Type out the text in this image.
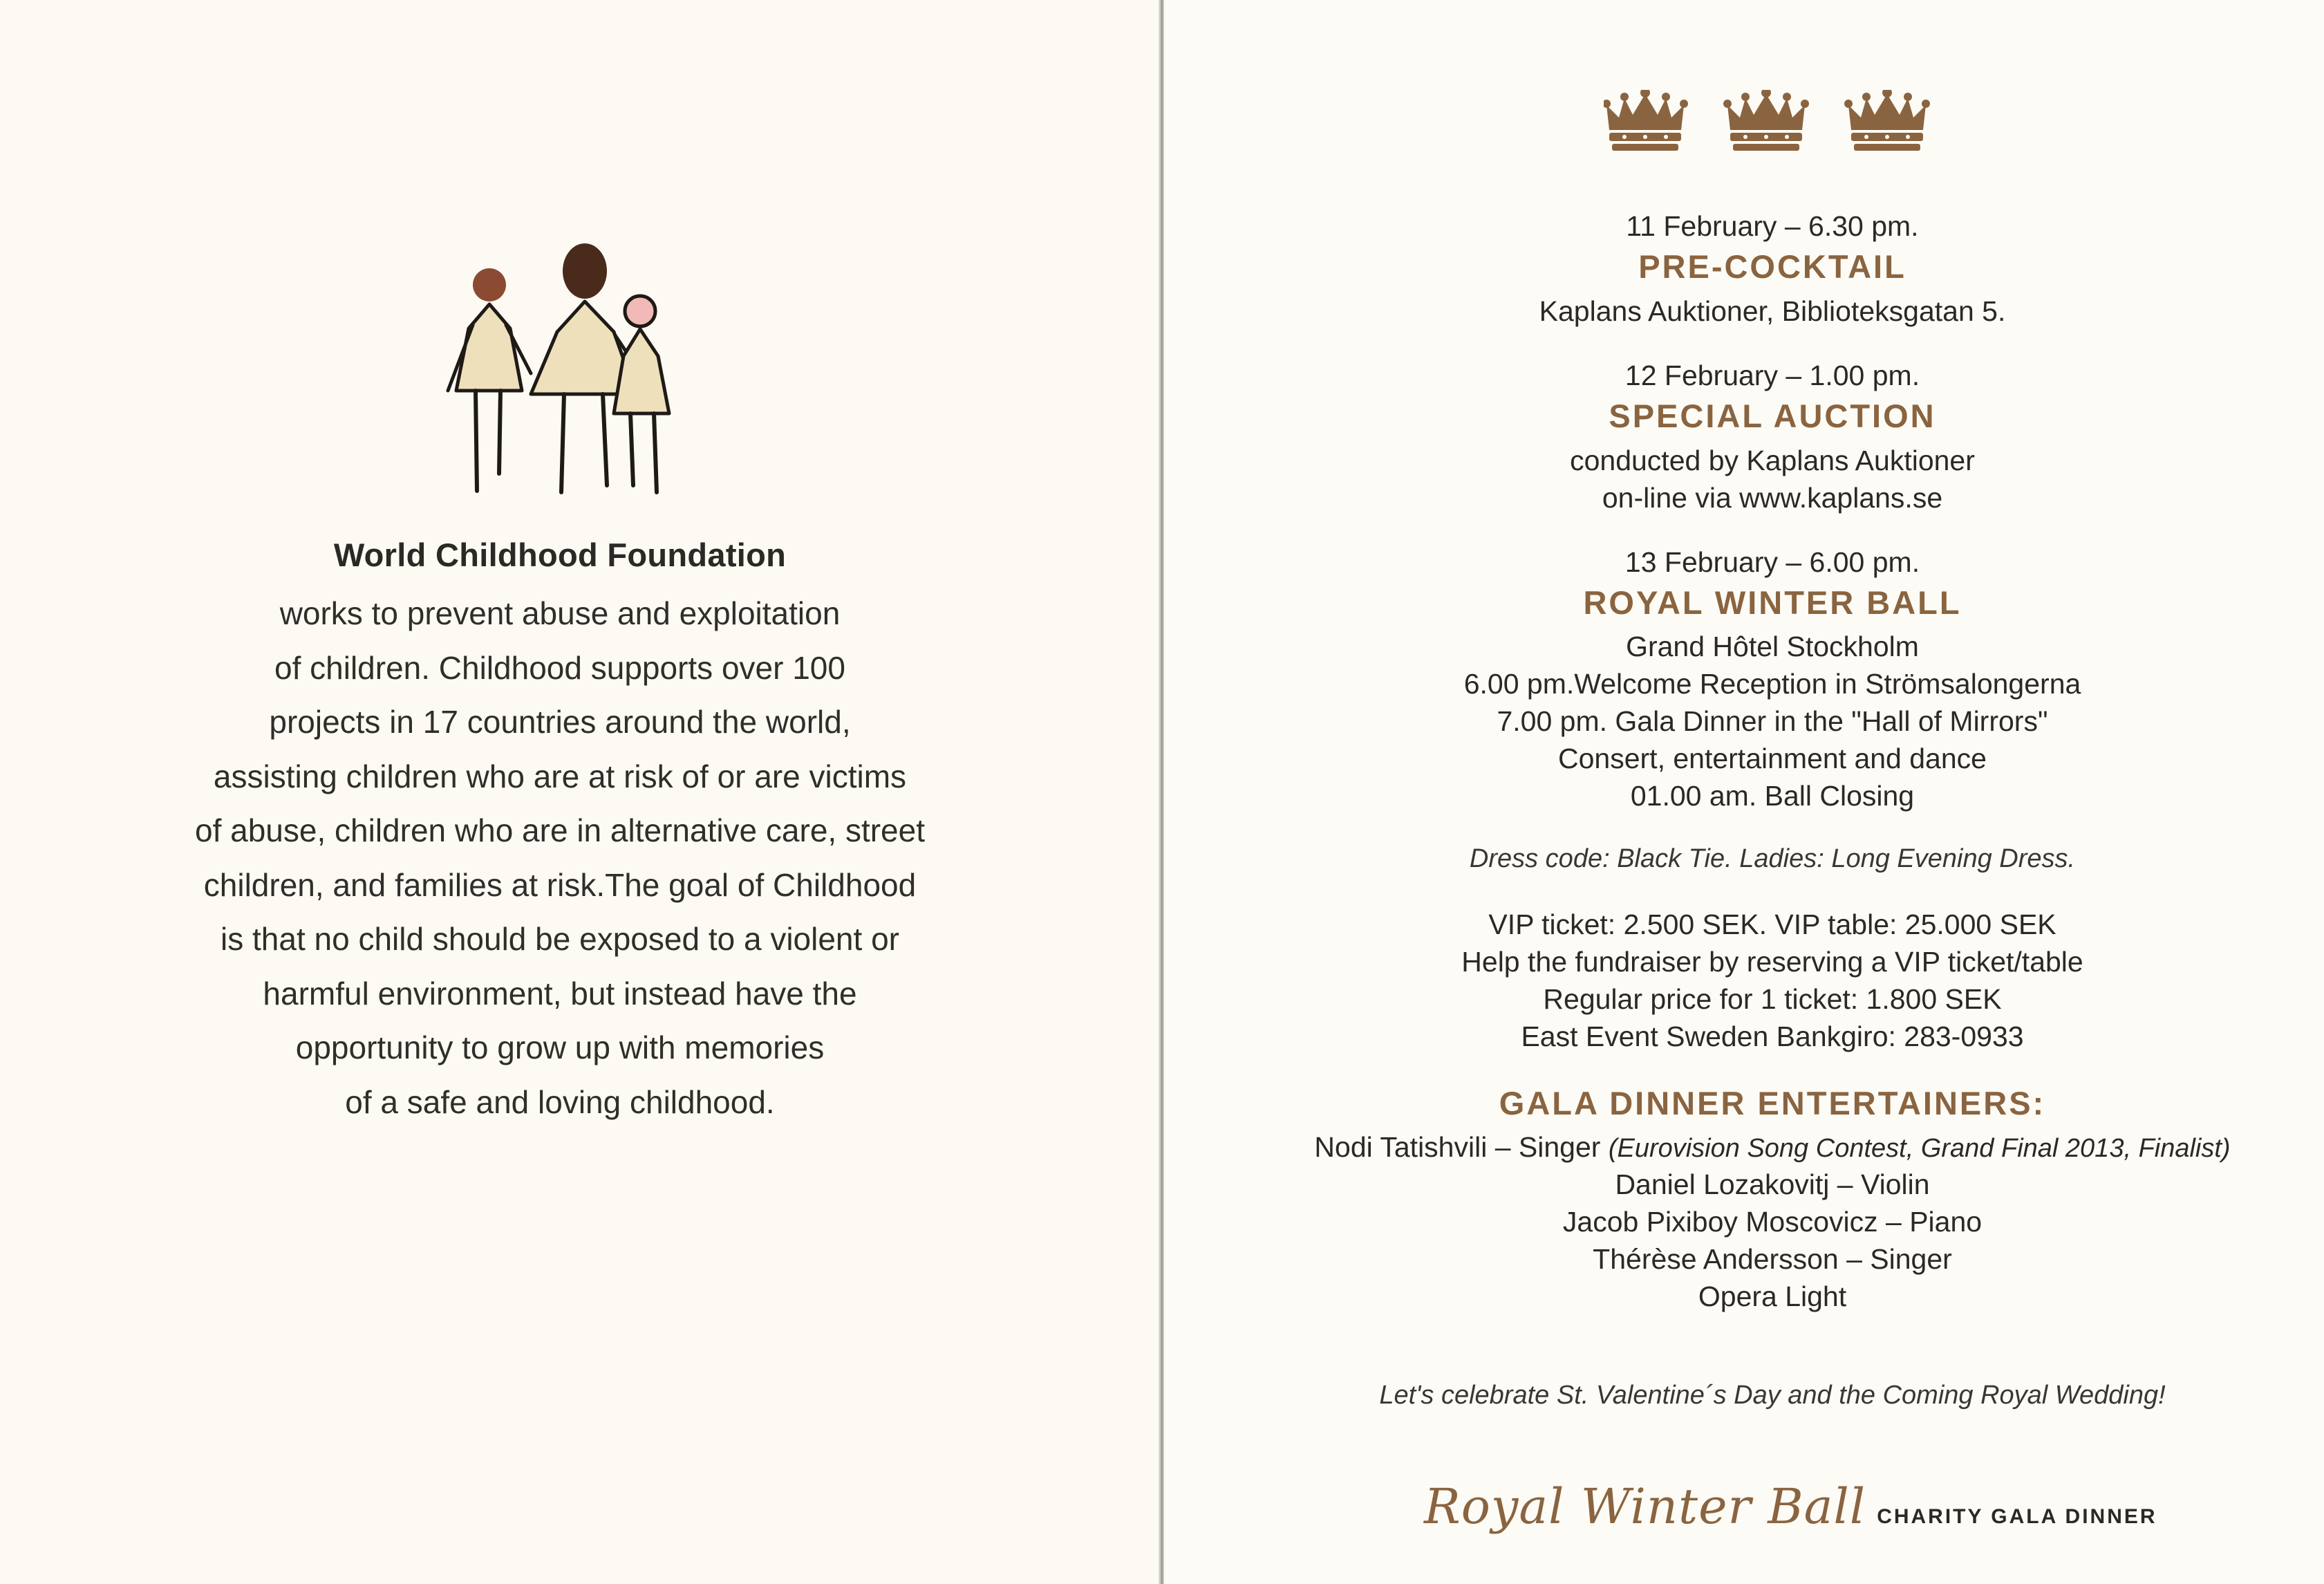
World Childhood Foundation

works to prevent abuse and exploitation

of children. Childhood supports over 100

projects in 17 countries around the world,

assisting children who are at risk of or are victims

of abuse, children who are in alternative care, street

children, and families at risk.The goal of Childhood

is that no child should be exposed to a violent or

harmful environment, but instead have the

opportunity to grow up with memories

of a safe and loving childhood.

11 February – 6.30 pm.
PRE-COCKTAIL
Kaplans Auktioner, Biblioteksgatan 5.
12 February – 1.00 pm.
SPECIAL AUCTION
conducted by Kaplans Auktioner
on-line via www.kaplans.se
13 February – 6.00 pm.
ROYAL WINTER BALL
Grand Hôtel Stockholm
6.00 pm.Welcome Reception in Strömsalongerna
7.00 pm. Gala Dinner in the "Hall of Mirrors"
Consert, entertainment and dance
01.00 am. Ball Closing
Dress code: Black Tie. Ladies: Long Evening Dress.
VIP ticket: 2.500 SEK. VIP table: 25.000 SEK
Help the fundraiser by reserving a VIP ticket/table
Regular price for 1 ticket: 1.800 SEK
East Event Sweden Bankgiro: 283-0933
GALA DINNER ENTERTAINERS:
Nodi Tatishvili – Singer (Eurovision Song Contest, Grand Final 2013, Finalist)
Daniel Lozakovitj – Violin
Jacob Pixiboy Moscovicz – Piano
Thérèse Andersson – Singer
Opera Light
Let's celebrate St. Valentine´s Day and the Coming Royal Wedding!
Royal Winter Ball CHARITY GALA DINNER
